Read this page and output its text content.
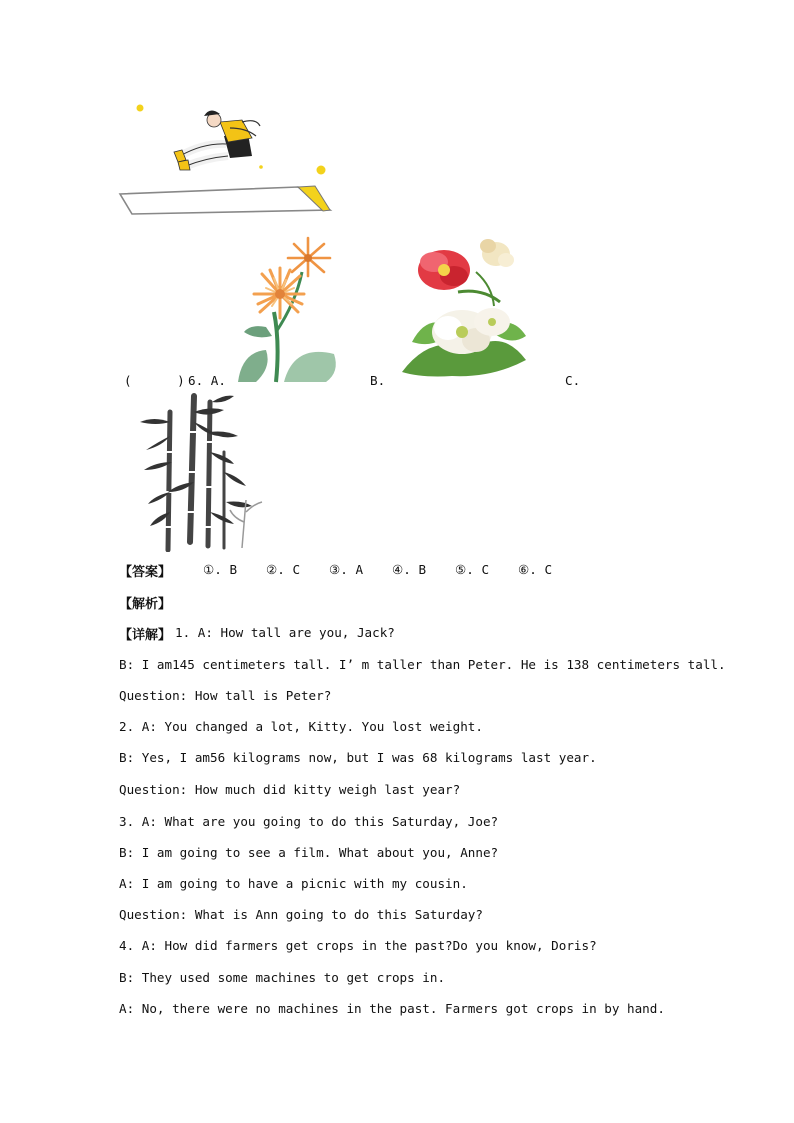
(      ) 6. A.	B.	C.
【答案】	①. B ②. C ③. A ④. B ⑤. C ⑥. C
【解析】
【详解】 1. A: How tall are you, Jack?
B: I am145 centimeters tall. I’ m taller than Peter. He is 138 centimeters tall.
Question: How tall is Peter?
2. A: You changed a lot, Kitty. You lost weight.
B: Yes, I am56 kilograms now, but I was 68 kilograms last year.
Question: How much did kitty weigh last year?
3. A: What are you going to do this Saturday, Joe?
B: I am going to see a film. What about you, Anne?
A: I am going to have a picnic with my cousin.
Question: What is Ann going to do this Saturday?
4. A: How did farmers get crops in the past?Do you know, Doris?
B: They used some machines to get crops in.
A: No, there were no machines in the past. Farmers got crops in by hand.
